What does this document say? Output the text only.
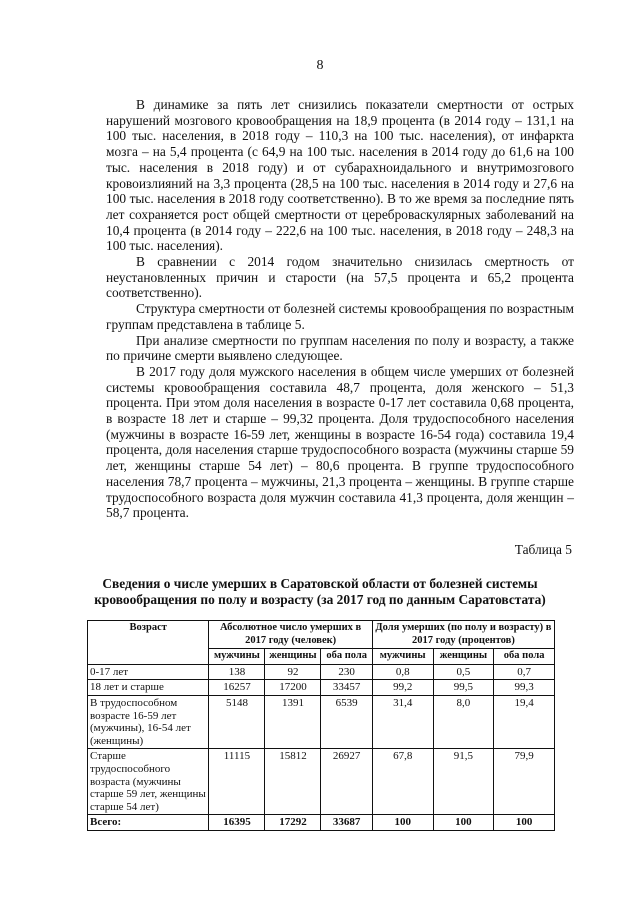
8

В динамике за пять лет снизились показатели смертности от острых нарушений мозгового кровообращения на 18,9 процента (в 2014 году – 131,1 на 100 тыс. населения, в 2018 году – 110,3 на 100 тыс. населения), от инфаркта мозга – на 5,4 процента (с 64,9 на 100 тыс. населения в 2014 году до 61,6 на 100 тыс. населения в 2018 году) и от субарахноидального и внутримозгового кровоизлияний на 3,3 процента (28,5 на 100 тыс. населения в 2014 году и 27,6 на 100 тыс. населения в 2018 году соответственно). В то же время за последние пять лет сохраняется рост общей смертности от цереброваскулярных заболеваний на 10,4 процента (в 2014 году – 222,6 на 100 тыс. населения, в 2018 году – 248,3 на 100 тыс. населения).

В сравнении с 2014 годом значительно снизилась смертность от неустановленных причин и старости (на 57,5 процента и 65,2 процента соответственно).

Структура смертности от болезней системы кровообращения по возрастным группам представлена в таблице 5.

При анализе смертности по группам населения по полу и возрасту, а также по причине смерти выявлено следующее.

В 2017 году доля мужского населения в общем числе умерших от болезней системы кровообращения составила 48,7 процента, доля женского – 51,3 процента. При этом доля населения в возрасте 0-17 лет составила 0,68 процента, в возрасте 18 лет и старше – 99,32 процента. Доля трудоспособного населения (мужчины в возрасте 16-59 лет, женщины в возрасте 16-54 года) составила 19,4 процента, доля населения старше трудоспособного возраста (мужчины старше 59 лет, женщины старше 54 лет) – 80,6 процента. В группе трудоспособного населения 78,7 процента – мужчины, 21,3 процента – женщины. В группе старше трудоспособного возраста доля мужчин составила 41,3 процента, доля женщин – 58,7 процента.

Таблица 5
Сведения о числе умерших в Саратовской области от болезней системы кровообращения по полу и возрасту (за 2017 год по данным Саратовстата)
Возраст	Абсолютное число умерших в 2017 году (человек)			Доля умерших (по полу и возрасту) в 2017 году (процентов)		
	мужчины	женщины	оба пола	мужчины	женщины	оба пола
0-17 лет	138	92	230	0,8	0,5	0,7
18 лет и старше	16257	17200	33457	99,2	99,5	99,3
В трудоспособном возрасте 16-59 лет (мужчины), 16-54 лет (женщины)	5148	1391	6539	31,4	8,0	19,4
Старше трудоспособного возраста (мужчины старше 59 лет, женщины старше 54 лет)	11115	15812	26927	67,8	91,5	79,9
Всего:	16395	17292	33687	100	100	100
